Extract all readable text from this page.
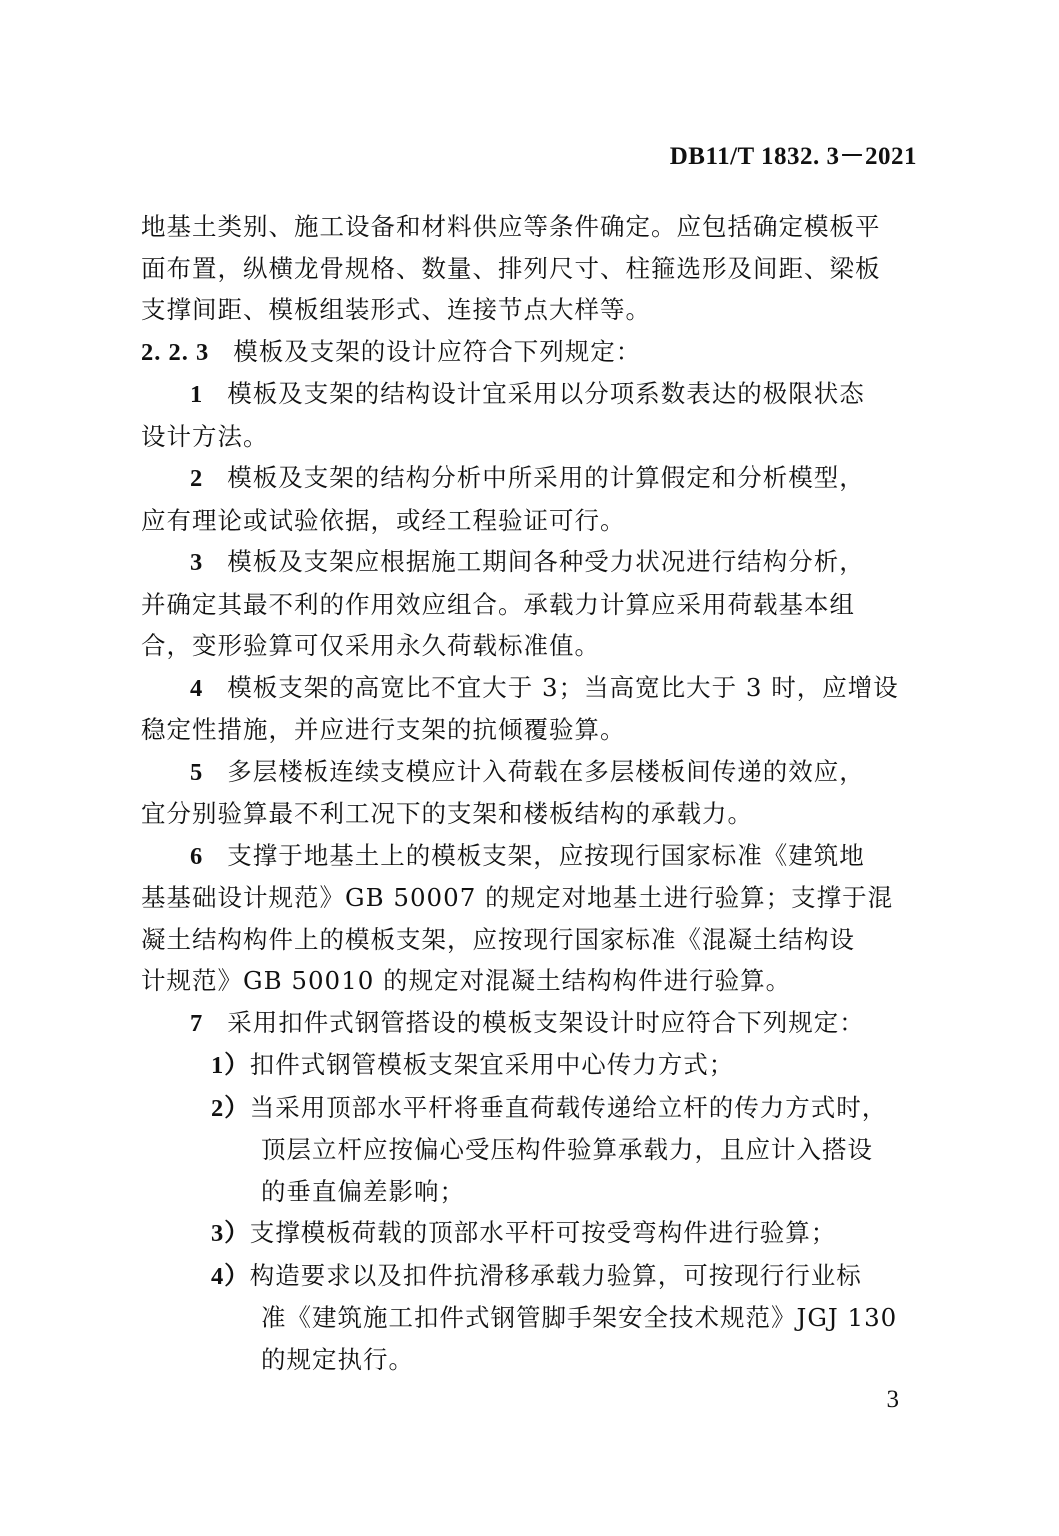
DB11/T 1832. 3－2021
地基土类别、施工设备和材料供应等条件确定。应包括确定模板平
面布置，纵横龙骨规格、数量、排列尺寸、柱箍选形及间距、梁板
支撑间距、模板组装形式、连接节点大样等。
2. 2. 3 模板及支架的设计应符合下列规定：
1 模板及支架的结构设计宜采用以分项系数表达的极限状态
设计方法。
2 模板及支架的结构分析中所采用的计算假定和分析模型，
应有理论或试验依据，或经工程验证可行。
3 模板及支架应根据施工期间各种受力状况进行结构分析，
并确定其最不利的作用效应组合。承载力计算应采用荷载基本组
合，变形验算可仅采用永久荷载标准值。
4 模板支架的高宽比不宜大于 3；当高宽比大于 3 时，应增设
稳定性措施，并应进行支架的抗倾覆验算。
5 多层楼板连续支模应计入荷载在多层楼板间传递的效应，
宜分别验算最不利工况下的支架和楼板结构的承载力。
6 支撑于地基土上的模板支架，应按现行国家标准《建筑地
基基础设计规范》GB 50007 的规定对地基土进行验算；支撑于混
凝土结构构件上的模板支架，应按现行国家标准《混凝土结构设
计规范》GB 50010 的规定对混凝土结构构件进行验算。
7 采用扣件式钢管搭设的模板支架设计时应符合下列规定：
1）扣件式钢管模板支架宜采用中心传力方式；
2）当采用顶部水平杆将垂直荷载传递给立杆的传力方式时，
顶层立杆应按偏心受压构件验算承载力，且应计入搭设
的垂直偏差影响；
3）支撑模板荷载的顶部水平杆可按受弯构件进行验算；
4）构造要求以及扣件抗滑移承载力验算，可按现行行业标
准《建筑施工扣件式钢管脚手架安全技术规范》JGJ 130
的规定执行。
3
